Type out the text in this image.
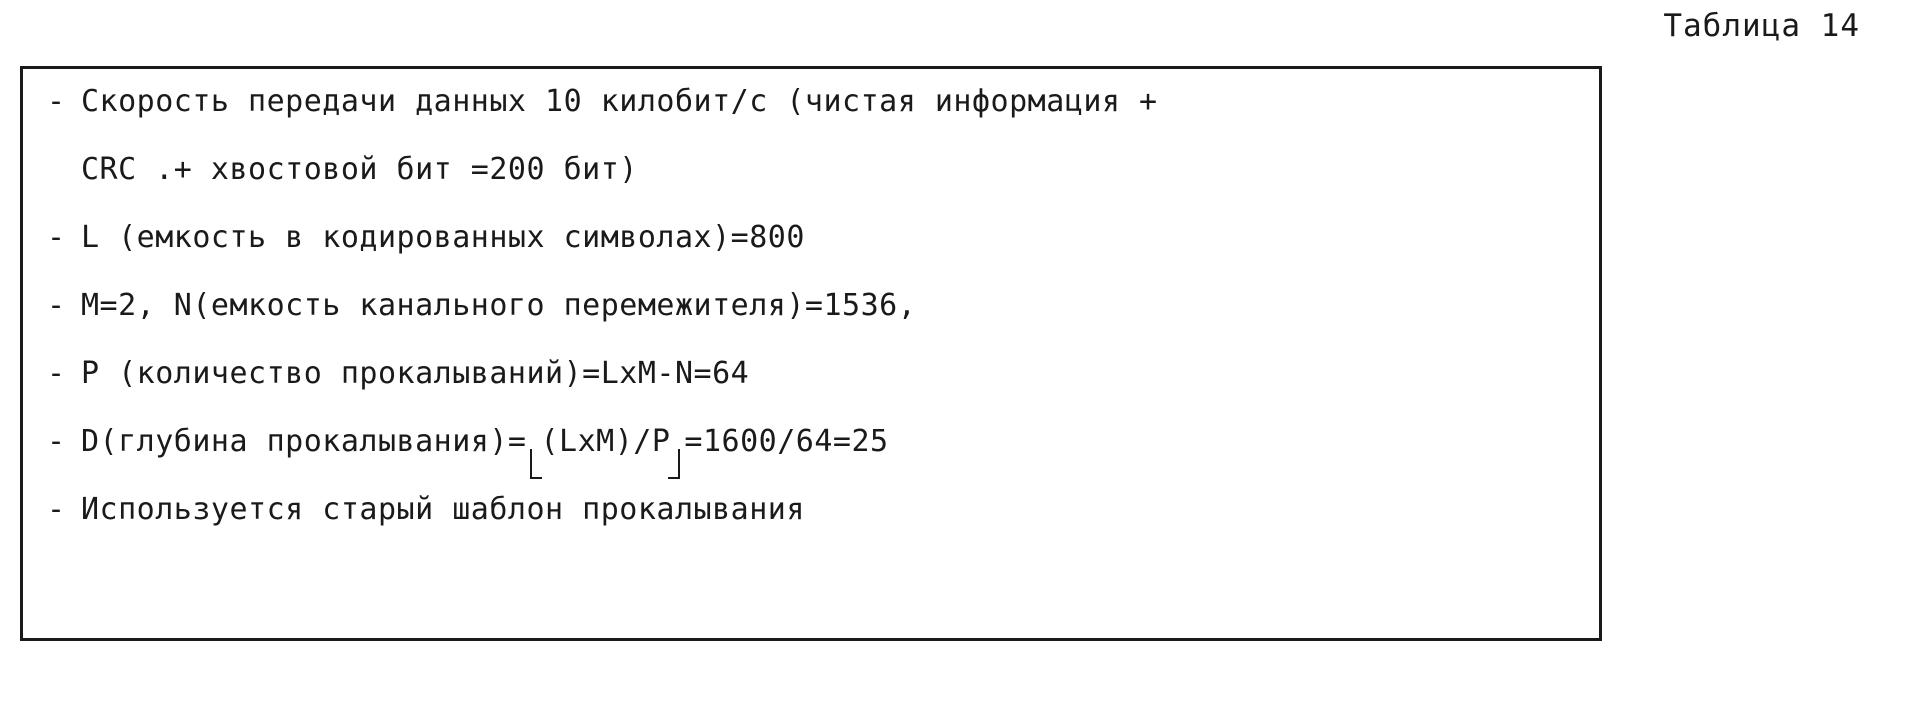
Таблица 14
- Скорость передачи данных 10 килобит/с (чистая информация +
CRC .+ хвостовой бит =200 бит)
- L (емкость в кодированных символах)=800
- M=2, N(емкость канального перемежителя)=1536,
- P (количество прокалываний)=LxM-N=64
- D(глубина прокалывания)= (LxM)/P =1600/64=25
- Используется старый шаблон прокалывания
